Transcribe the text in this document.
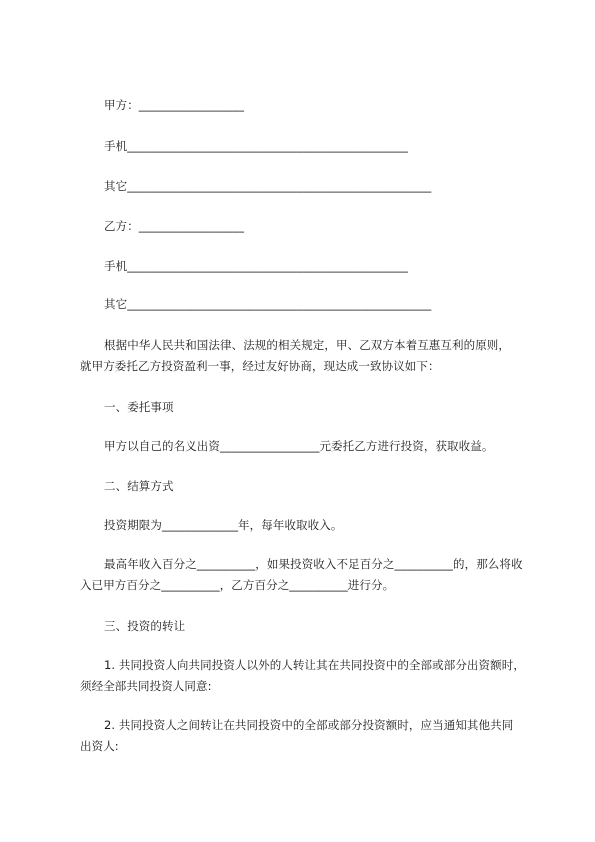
甲方：__________________
手机________________________________________________
其它____________________________________________________
乙方：__________________
手机________________________________________________
其它____________________________________________________
根据中华人民共和国法律、法规的相关规定，甲、乙双方本着互惠互利的原则，
就甲方委托乙方投资盈利一事，经过友好协商，现达成一致协议如下：
一、委托事项
甲方以自己的名义出资_________________元委托乙方进行投资，获取收益。
二、结算方式
投资期限为_____________年，每年收取收入。
最高年收入百分之__________，如果投资收入不足百分之__________的，那么将收
入已甲方百分之__________，乙方百分之__________进行分。
三、投资的转让
1. 共同投资人向共同投资人以外的人转让其在共同投资中的全部或部分出资额时，
须经全部共同投资人同意:
2. 共同投资人之间转让在共同投资中的全部或部分投资额时，应当通知其他共同
出资人:
